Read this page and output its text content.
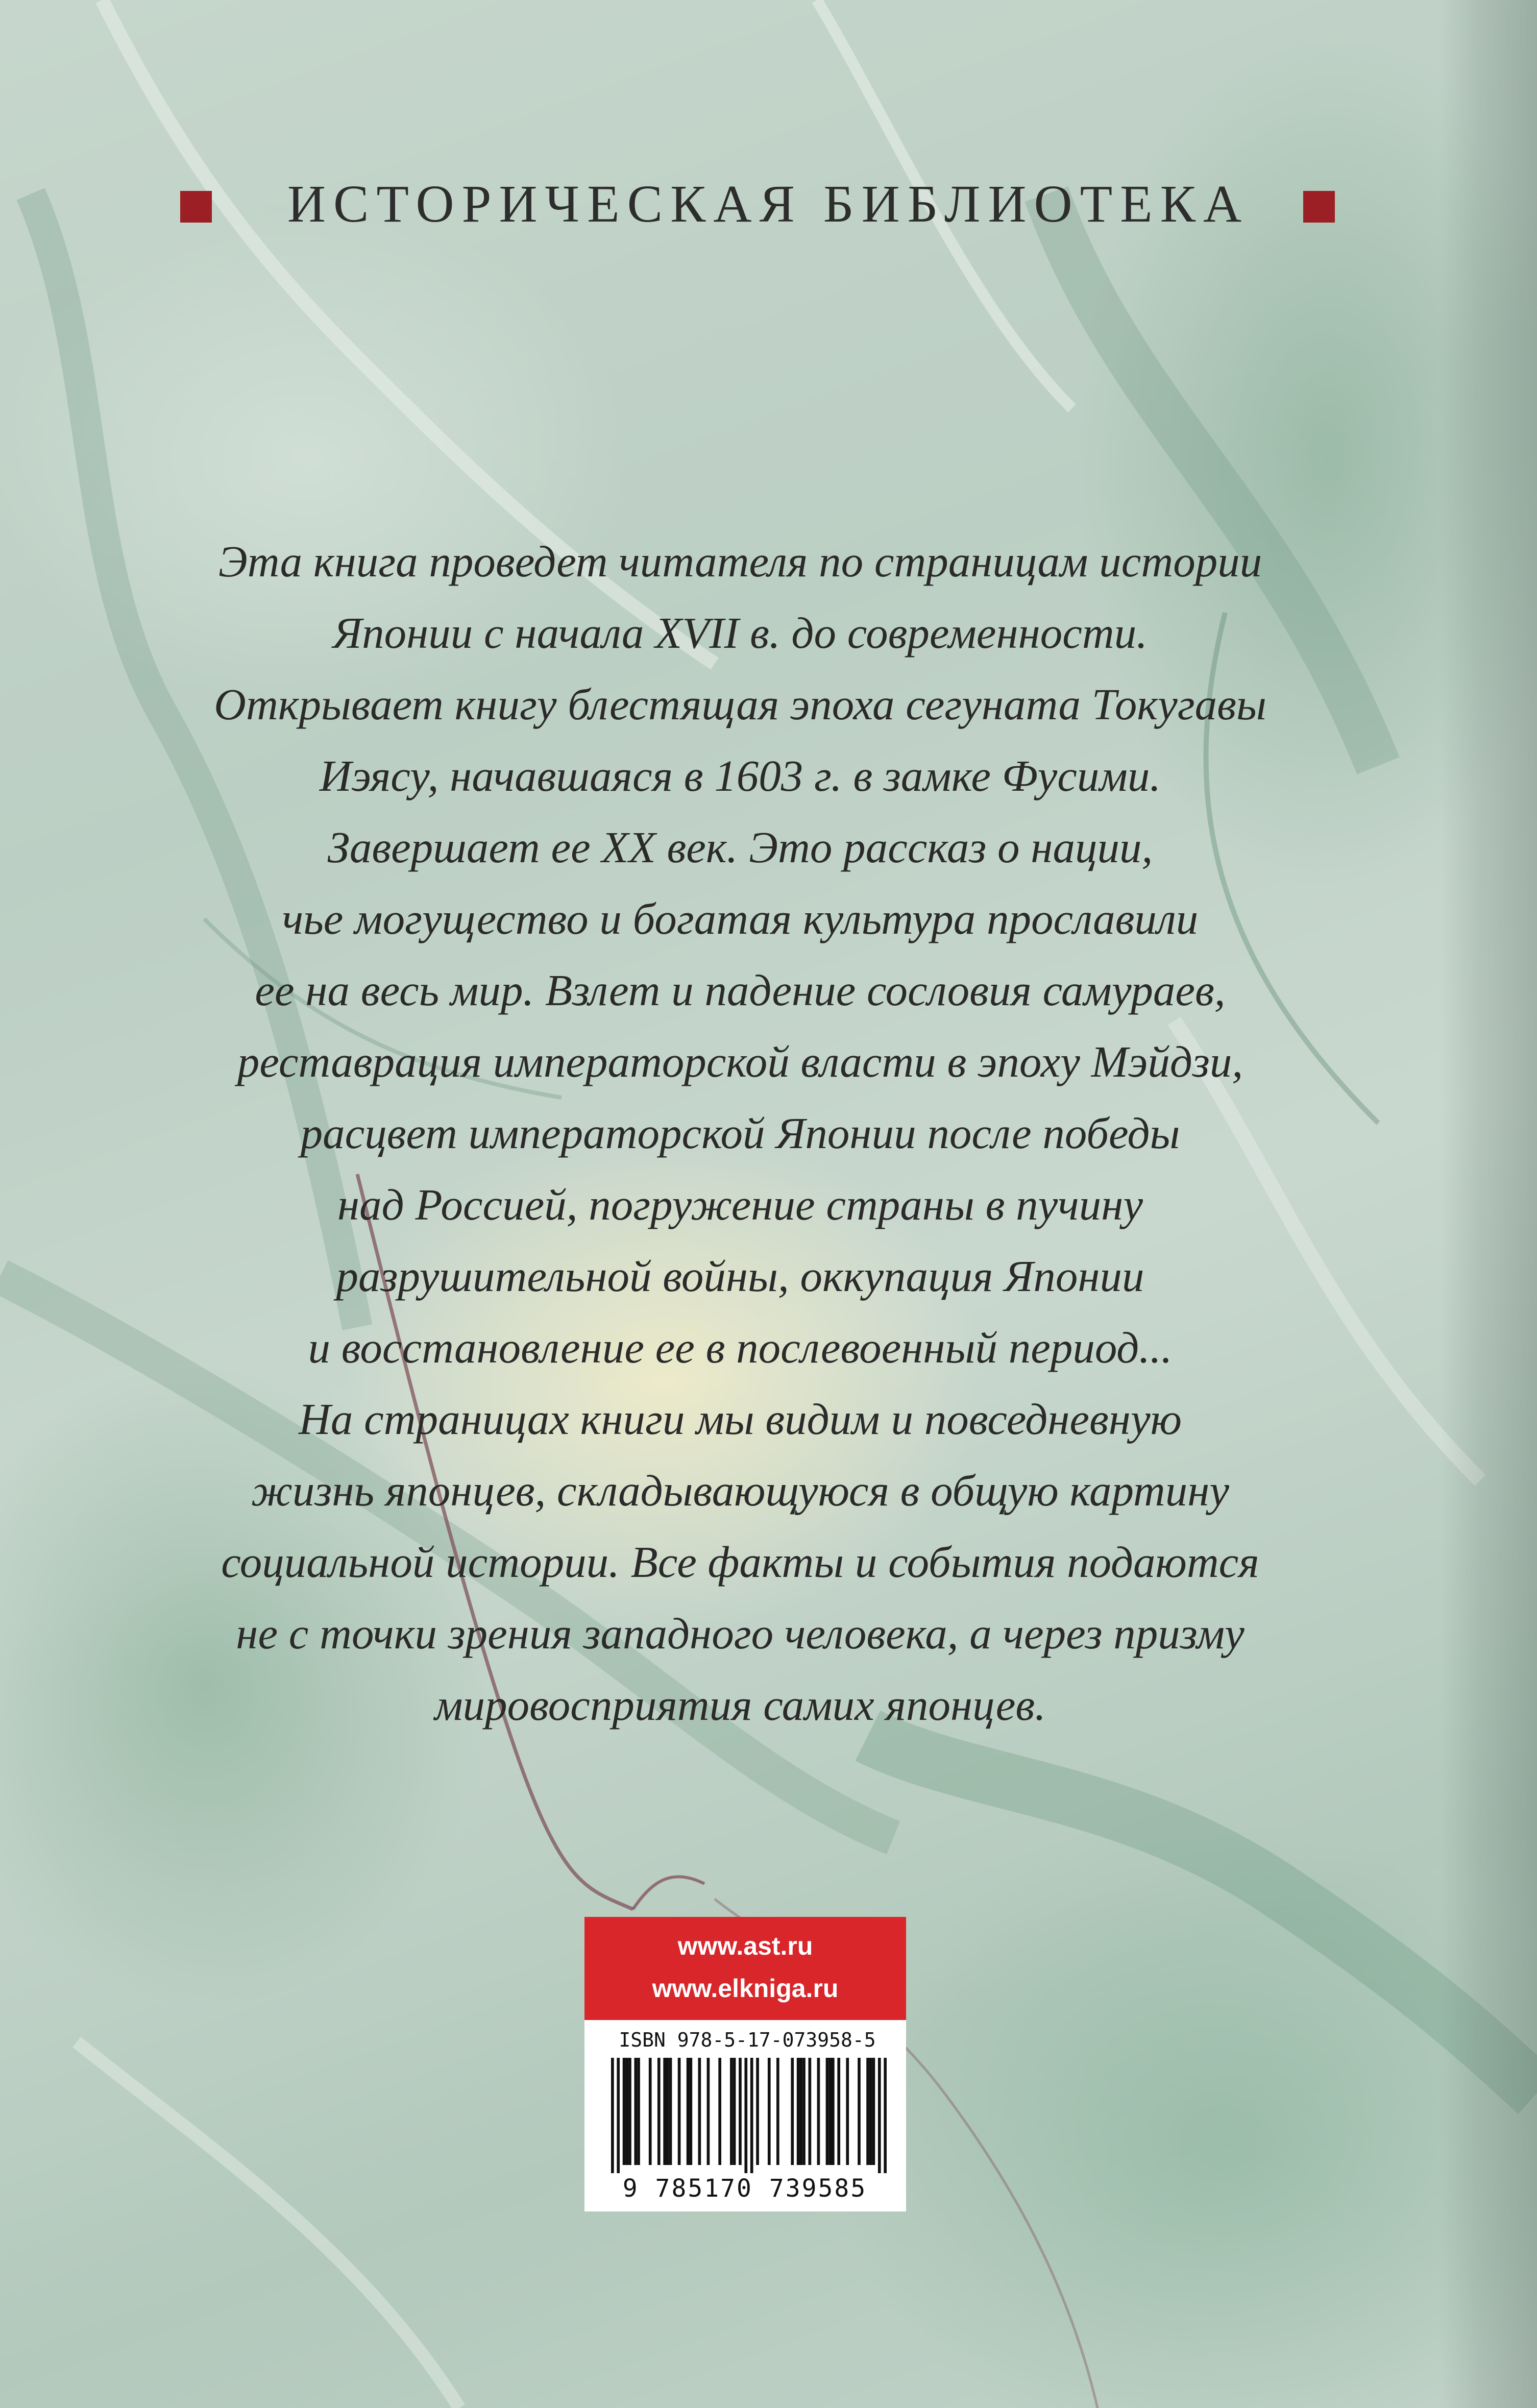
ИСТОРИЧЕСКАЯ БИБЛИОТЕКА
Эта книга проведет читателя по страницам истории
Японии с начала XVII в. до современности.
Открывает книгу блестящая эпоха сегуната Токугавы
Иэясу, начавшаяся в 1603 г. в замке Фусими.
Завершает ее XX век. Это рассказ о нации,
чье могущество и богатая культура прославили
ее на весь мир. Взлет и падение сословия самураев,
реставрация императорской власти в эпоху Мэйдзи,
расцвет императорской Японии после победы
над Россией, погружение страны в пучину
разрушительной войны, оккупация Японии
и восстановление ее в послевоенный период...
На страницах книги мы видим и повседневную
жизнь японцев, складывающуюся в общую картину
социальной истории. Все факты и события подаются
не с точки зрения западного человека, а через призму
мировосприятия самих японцев.
www.ast.ru
www.elkniga.ru
ISBN 978-5-17-073958-5
9 785170 739585
